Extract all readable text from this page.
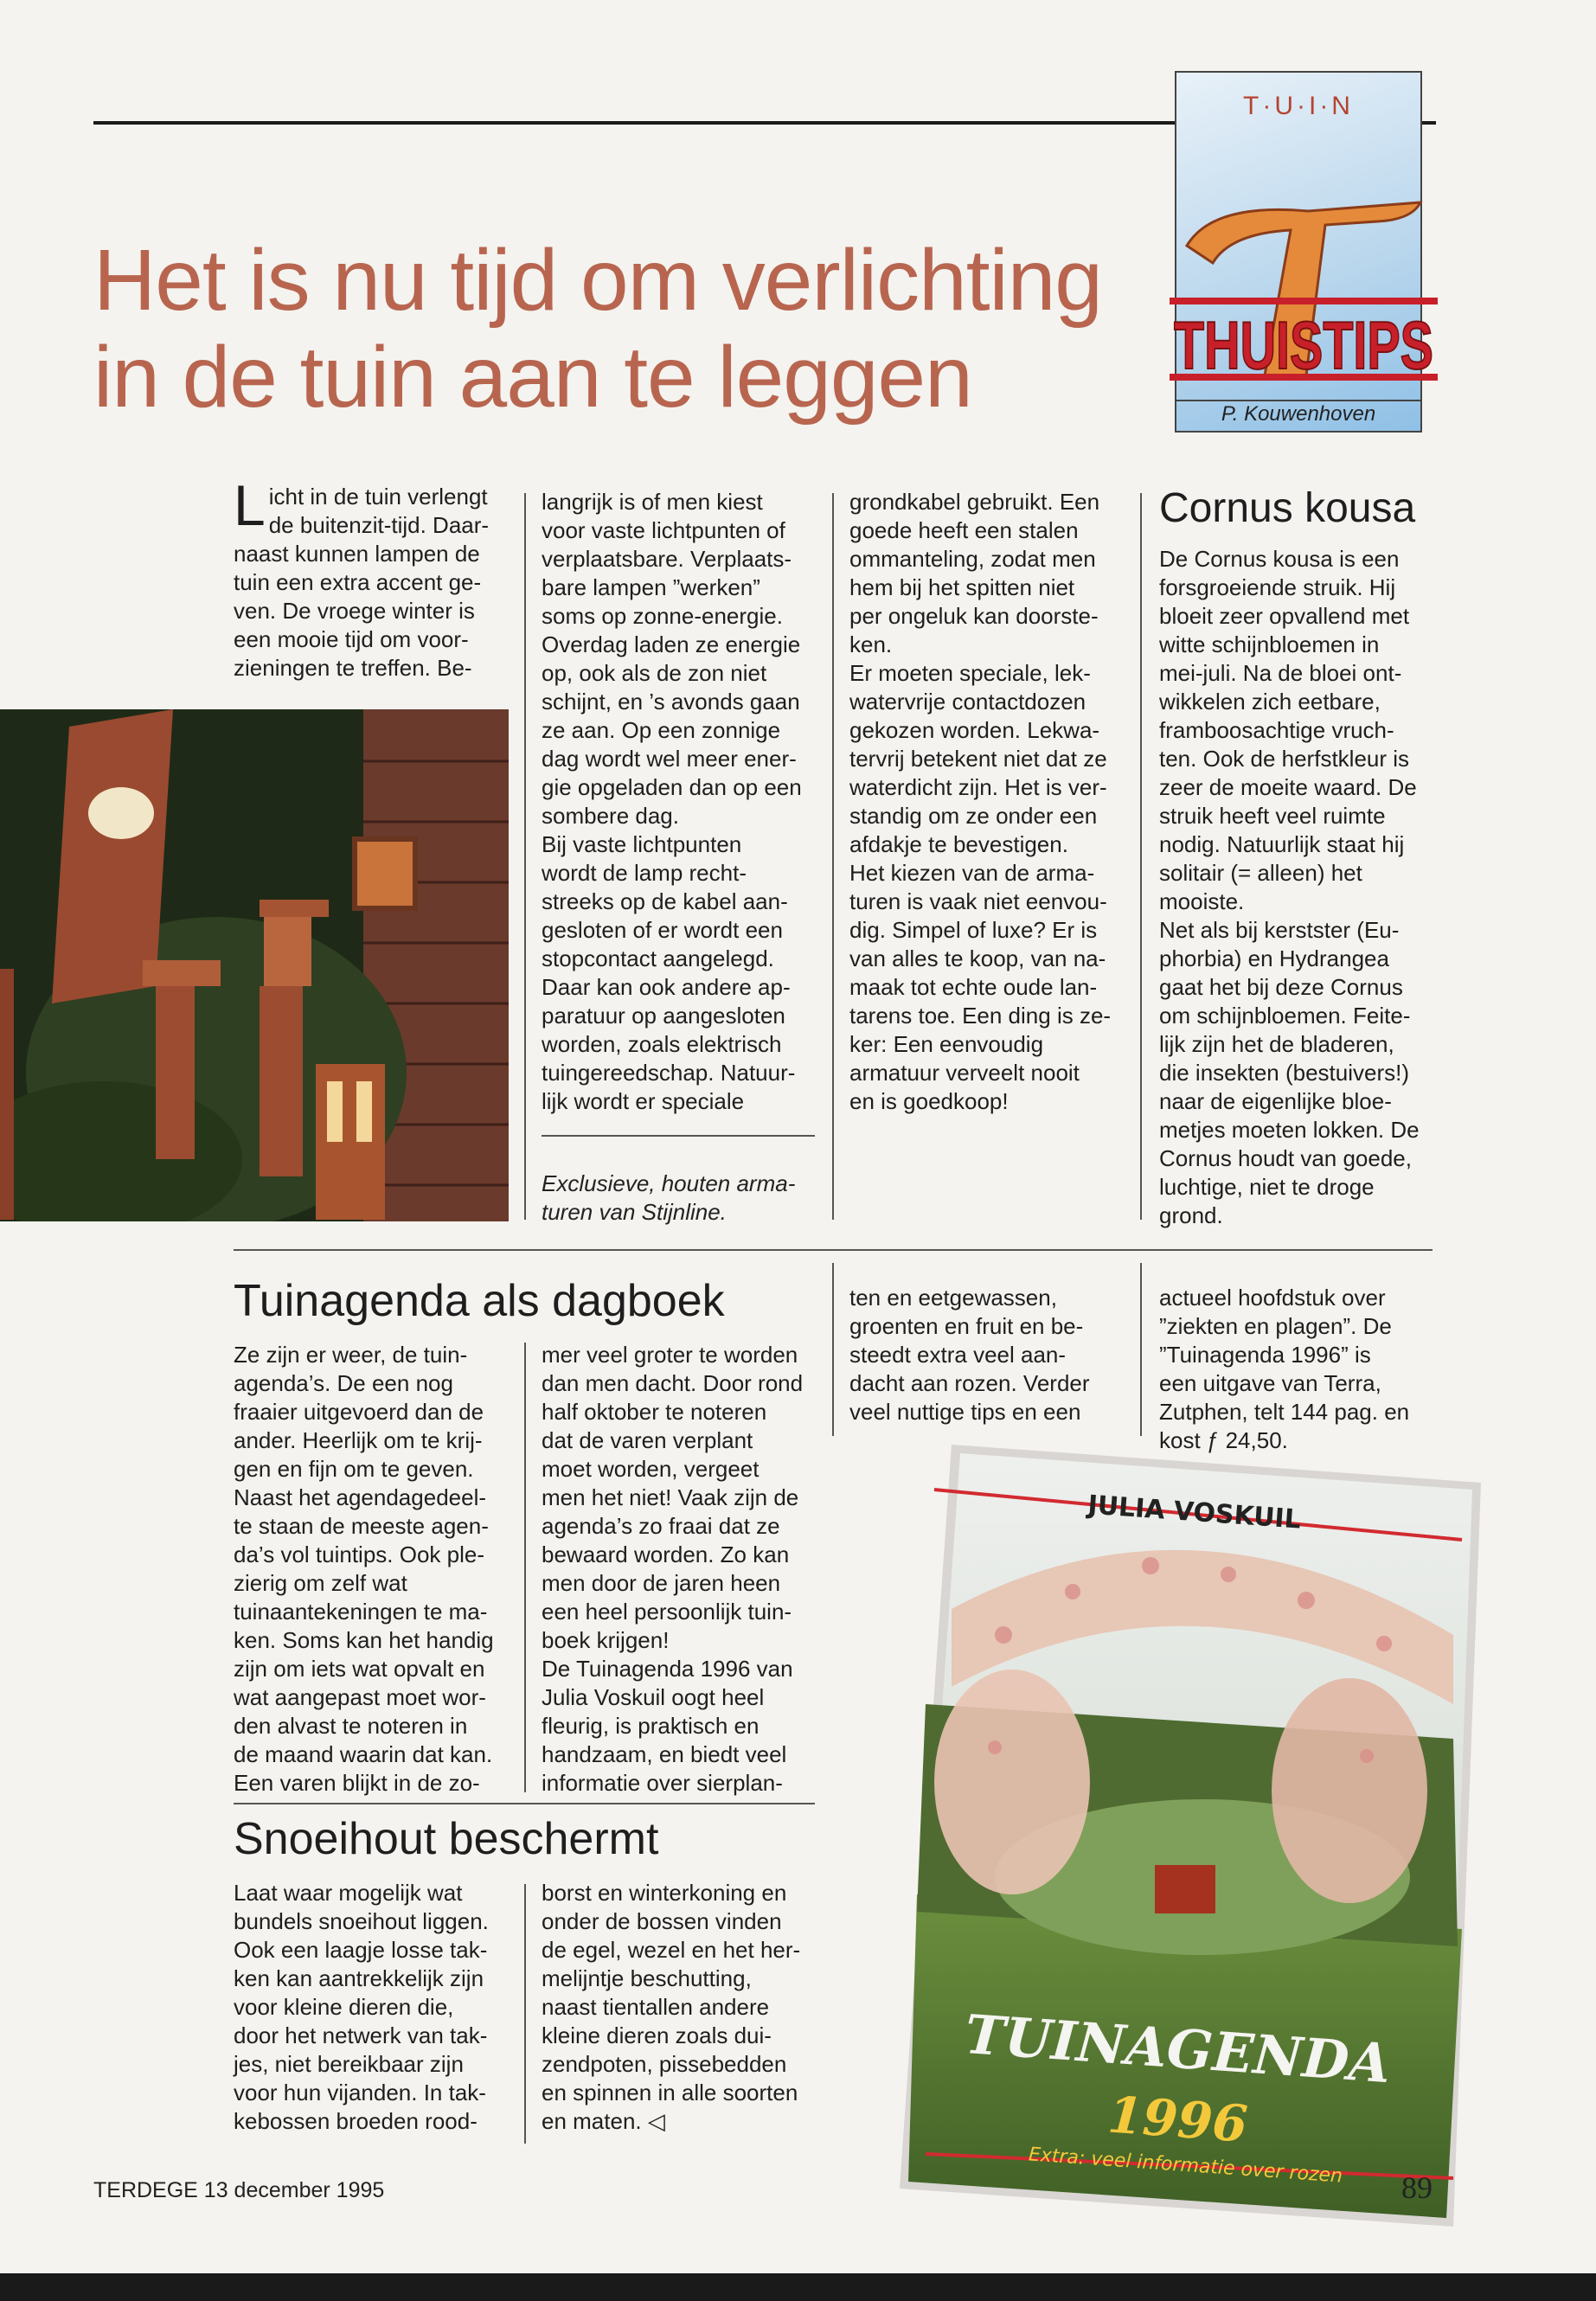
T·U·I·N
THUISTIPS
P. Kouwenhoven
Het is nu tijd om verlichting
in de tuin aan te leggen
Licht in de tuin verlengt
de buitenzit-tijd. Daar-
naast kunnen lampen de
tuin een extra accent ge-
ven. De vroege winter is
een mooie tijd om voor-
zieningen te treffen. Be-
langrijk is of men kiest
voor vaste lichtpunten of
verplaatsbare. Verplaats-
bare lampen ”werken”
soms op zonne-energie.
Overdag laden ze energie
op, ook als de zon niet
schijnt, en ’s avonds gaan
ze aan. Op een zonnige
dag wordt wel meer ener-
gie opgeladen dan op een
sombere dag.
Bij vaste lichtpunten
wordt de lamp recht-
streeks op de kabel aan-
gesloten of er wordt een
stopcontact aangelegd.
Daar kan ook andere ap-
paratuur op aangesloten
worden, zoals elektrisch
tuingereedschap. Natuur-
lijk wordt er speciale
Exclusieve, houten arma-
turen van Stijnline.
grondkabel gebruikt. Een
goede heeft een stalen
ommanteling, zodat men
hem bij het spitten niet
per ongeluk kan doorste-
ken.
Er moeten speciale, lek-
watervrije contactdozen
gekozen worden. Lekwa-
tervrij betekent niet dat ze
waterdicht zijn. Het is ver-
standig om ze onder een
afdakje te bevestigen.
Het kiezen van de arma-
turen is vaak niet eenvou-
dig. Simpel of luxe? Er is
van alles te koop, van na-
maak tot echte oude lan-
tarens toe. Een ding is ze-
ker: Een eenvoudig
armatuur verveelt nooit
en is goedkoop!
Cornus kousa
De Cornus kousa is een
forsgroeiende struik. Hij
bloeit zeer opvallend met
witte schijnbloemen in
mei-juli. Na de bloei ont-
wikkelen zich eetbare,
framboosachtige vruch-
ten. Ook de herfstkleur is
zeer de moeite waard. De
struik heeft veel ruimte
nodig. Natuurlijk staat hij
solitair (= alleen) het
mooiste.
Net als bij kerstster (Eu-
phorbia) en Hydrangea
gaat het bij deze Cornus
om schijnbloemen. Feite-
lijk zijn het de bladeren,
die insekten (bestuivers!)
naar de eigenlijke bloe-
metjes moeten lokken. De
Cornus houdt van goede,
luchtige, niet te droge
grond.
Tuinagenda als dagboek
Ze zijn er weer, de tuin-
agenda’s. De een nog
fraaier uitgevoerd dan de
ander. Heerlijk om te krij-
gen en fijn om te geven.
Naast het agendagedeel-
te staan de meeste agen-
da’s vol tuintips. Ook ple-
zierig om zelf wat
tuinaantekeningen te ma-
ken. Soms kan het handig
zijn om iets wat opvalt en
wat aangepast moet wor-
den alvast te noteren in
de maand waarin dat kan.
Een varen blijkt in de zo-
mer veel groter te worden
dan men dacht. Door rond
half oktober te noteren
dat de varen verplant
moet worden, vergeet
men het niet! Vaak zijn de
agenda’s zo fraai dat ze
bewaard worden. Zo kan
men door de jaren heen
een heel persoonlijk tuin-
boek krijgen!
De Tuinagenda 1996 van
Julia Voskuil oogt heel
fleurig, is praktisch en
handzaam, en biedt veel
informatie over sierplan-
ten en eetgewassen,
groenten en fruit en be-
steedt extra veel aan-
dacht aan rozen. Verder
veel nuttige tips en een
actueel hoofdstuk over
”ziekten en plagen”. De
”Tuinagenda 1996” is
een uitgave van Terra,
Zutphen, telt 144 pag. en
kost ƒ 24,50.
Snoeihout beschermt
Laat waar mogelijk wat
bundels snoeihout liggen.
Ook een laagje losse tak-
ken kan aantrekkelijk zijn
voor kleine dieren die,
door het netwerk van tak-
jes, niet bereikbaar zijn
voor hun vijanden. In tak-
kebossen broeden rood-
borst en winterkoning en
onder de bossen vinden
de egel, wezel en het her-
melijntje beschutting,
naast tientallen andere
kleine dieren zoals dui-
zendpoten, pissebedden
en spinnen in alle soorten
en maten. ◁
JULIA VOSKUIL
TUINAGENDA
1996
Extra: veel informatie over rozen
TERDEGE 13 december 1995	89
